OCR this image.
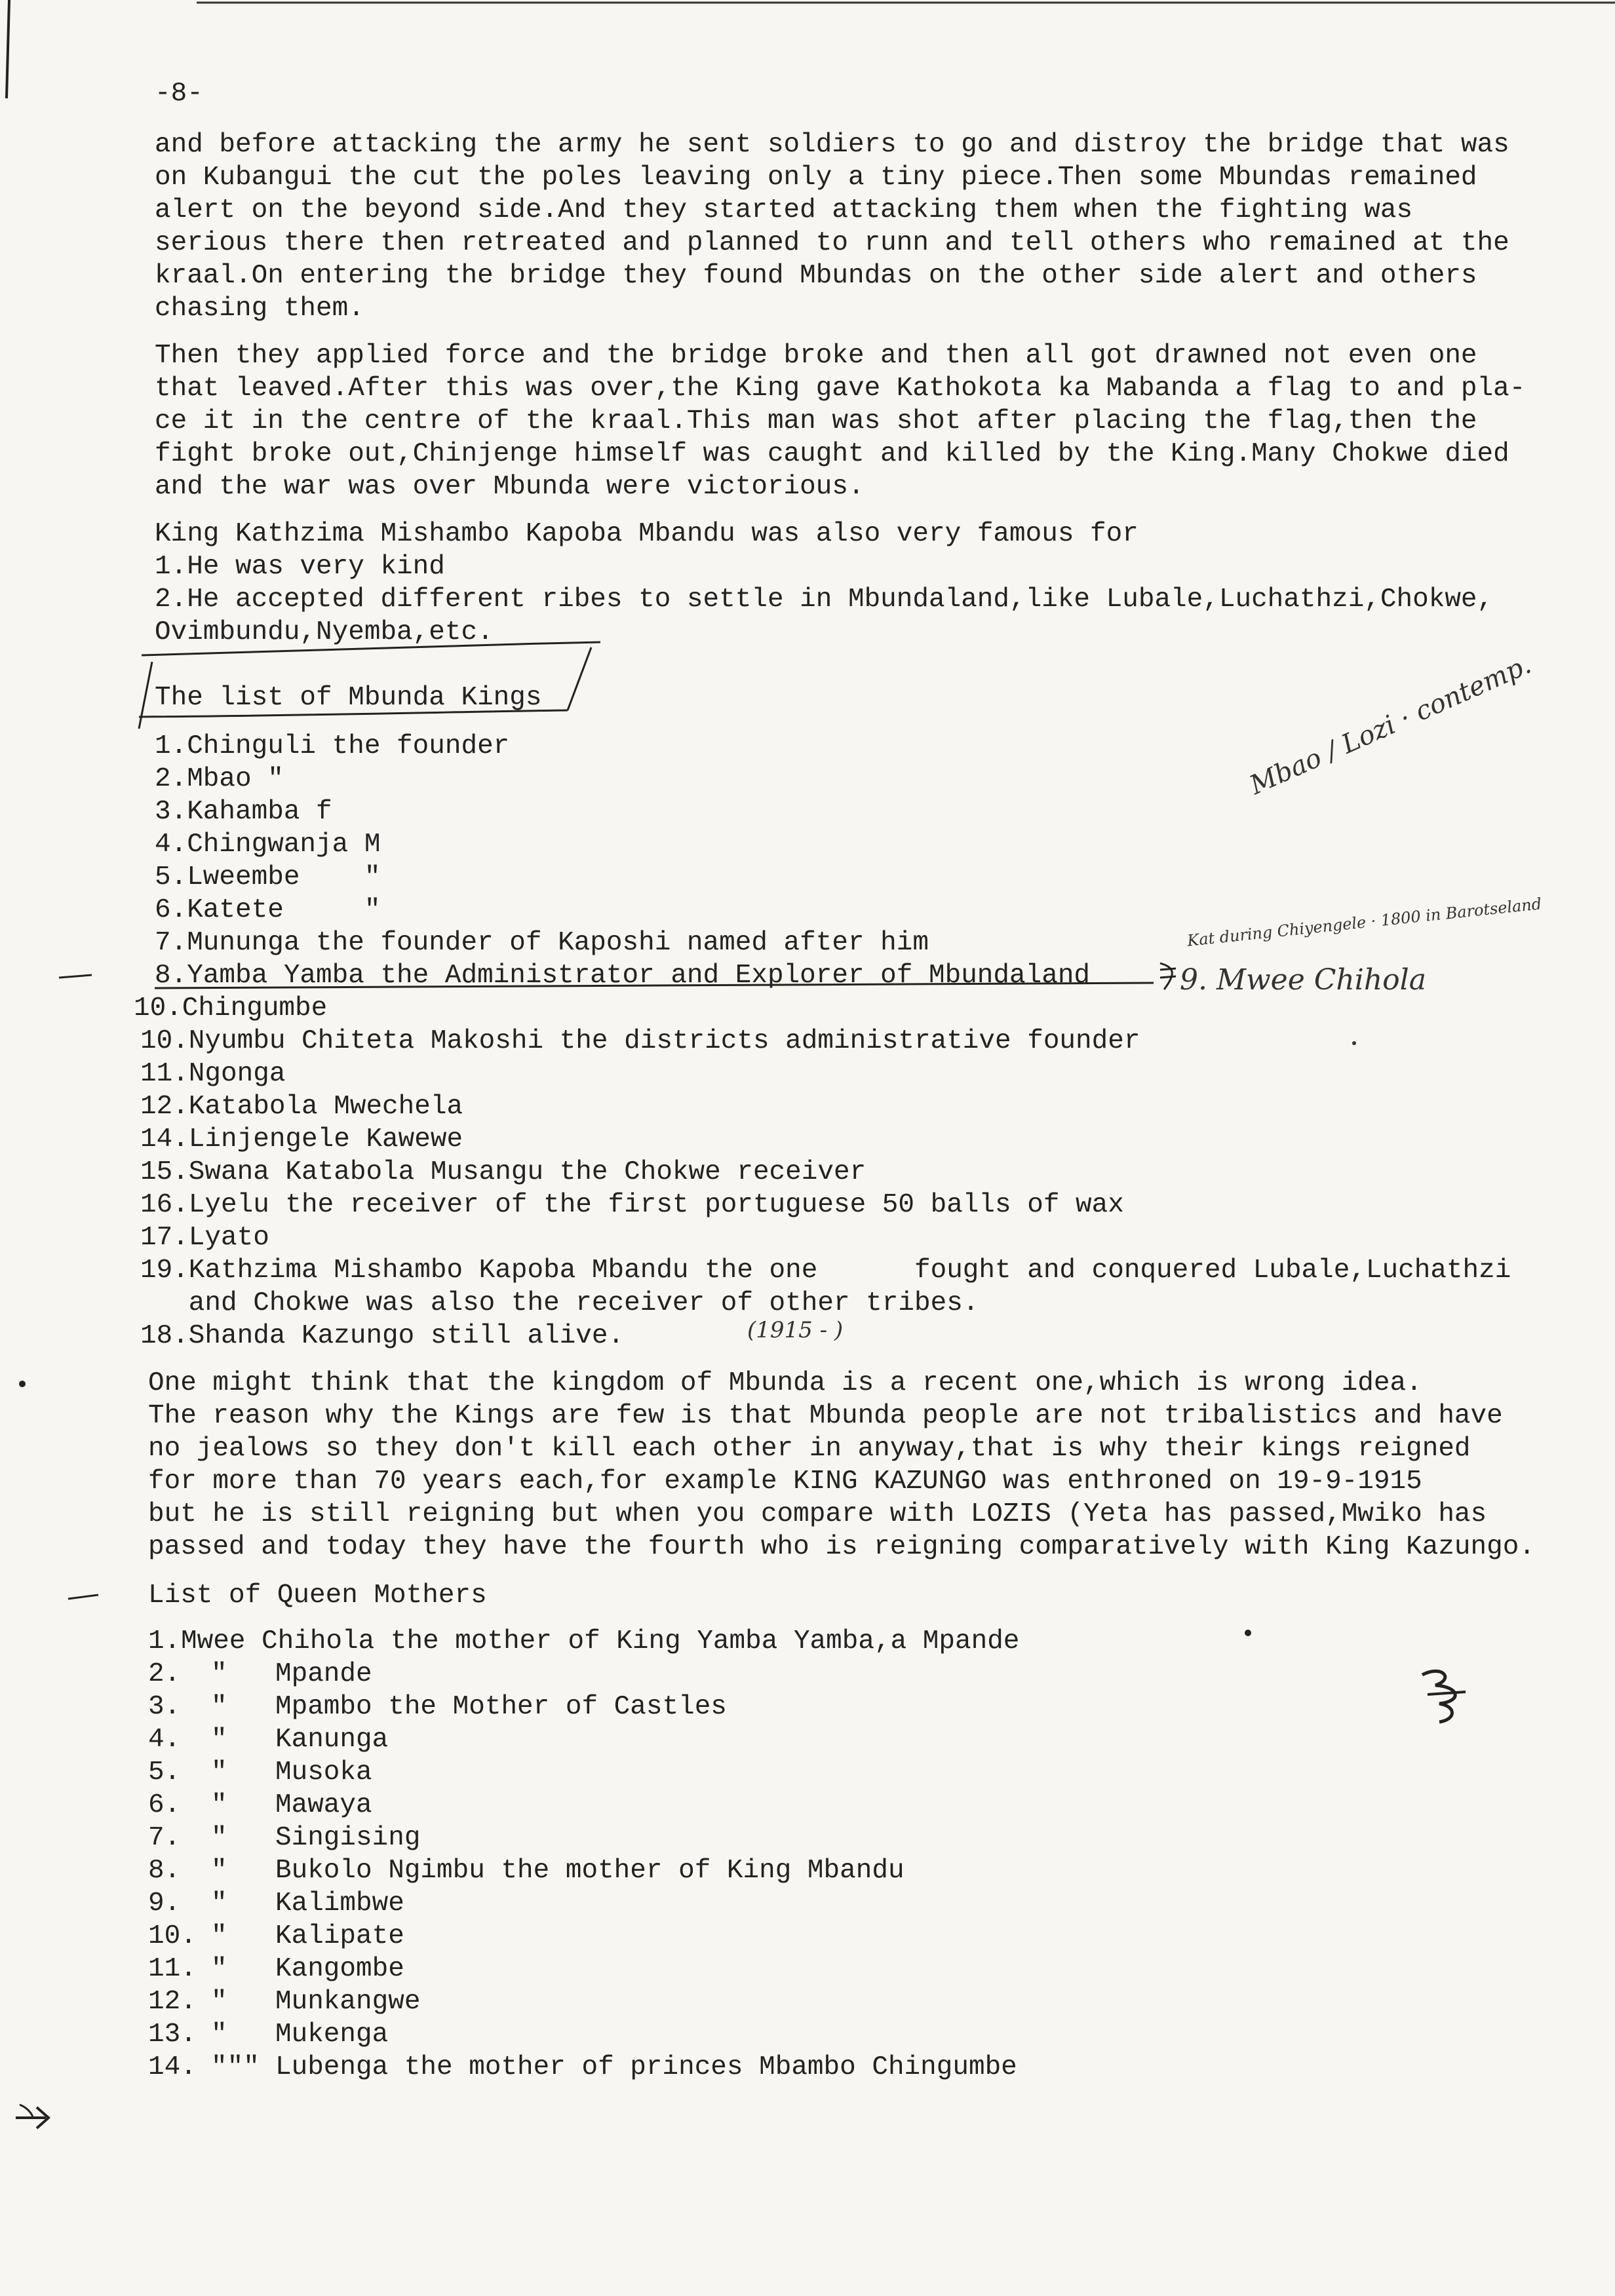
-8-
and before attacking the army he sent soldiers to go and distroy the bridge that was
on Kubangui the cut the poles leaving only a tiny piece.Then some Mbundas remained
alert on the beyond side.And they started attacking them when the fighting was
serious there then retreated and planned to runn and tell others who remained at the
kraal.On entering the bridge they found Mbundas on the other side alert and others
chasing them.
Then they applied force and the bridge broke and then all got drawned not even one
that leaved.After this was over,the King gave Kathokota ka Mabanda a flag to and pla-
ce it in the centre of the kraal.This man was shot after placing the flag,then the
fight broke out,Chinjenge himself was caught and killed by the King.Many Chokwe died
and the war was over Mbunda were victorious.
King Kathzima Mishambo Kapoba Mbandu was also very famous for
1.He was very kind
2.He accepted different ribes to settle in Mbundaland,like Lubale,Luchathzi,Chokwe,
Ovimbundu,Nyemba,etc.
The list of Mbunda Kings
1.Chinguli the founder
2.Mbao "
3.Kahamba f
4.Chingwanja M
5.Lweembe    "
6.Katete     "
7.Mununga the founder of Kaposhi named after him
8.Yamba Yamba the Administrator and Explorer of Mbundaland
10.Chingumbe
10.Nyumbu Chiteta Makoshi the districts administrative founder
11.Ngonga
12.Katabola Mwechela
14.Linjengele Kawewe
15.Swana Katabola Musangu the Chokwe receiver
16.Lyelu the receiver of the first portuguese 50 balls of wax
17.Lyato
19.Kathzima Mishambo Kapoba Mbandu the one      fought and conquered Lubale,Luchathzi
and Chokwe was also the receiver of other tribes.
18.Shanda Kazungo still alive.
One might think that the kingdom of Mbunda is a recent one,which is wrong idea.
The reason why the Kings are few is that Mbunda people are not tribalistics and have
no jealows so they don't kill each other in anyway,that is why their kings reigned
for more than 70 years each,for example KING KAZUNGO was enthroned on 19-9-1915
but he is still reigning but when you compare with LOZIS (Yeta has passed,Mwiko has
passed and today they have the fourth who is reigning comparatively with King Kazungo.
List of Queen Mothers
1. Mwee Chihola the mother of King Yamba Yamba,a Mpande
2.	"	Mpande
3.	"	Mpambo the Mother of Castles
4.	"	Kanunga
5.	"	Musoka
6.	"	Mawaya
7.	"	Singising
8.	"	Bukolo Ngimbu the mother of King Mbandu
9.	"	Kalimbwe
10. "	Kalipate
11. "	Kangombe
12. "	Munkangwe
13. "	Mukenga
14. """ Lubenga the mother of princes Mbambo Chingumbe
Mbao / Lozi · contemp.
Kat during Chiyengele · 1800 in Barotseland
9. Mwee Chihola
(1915 - )
